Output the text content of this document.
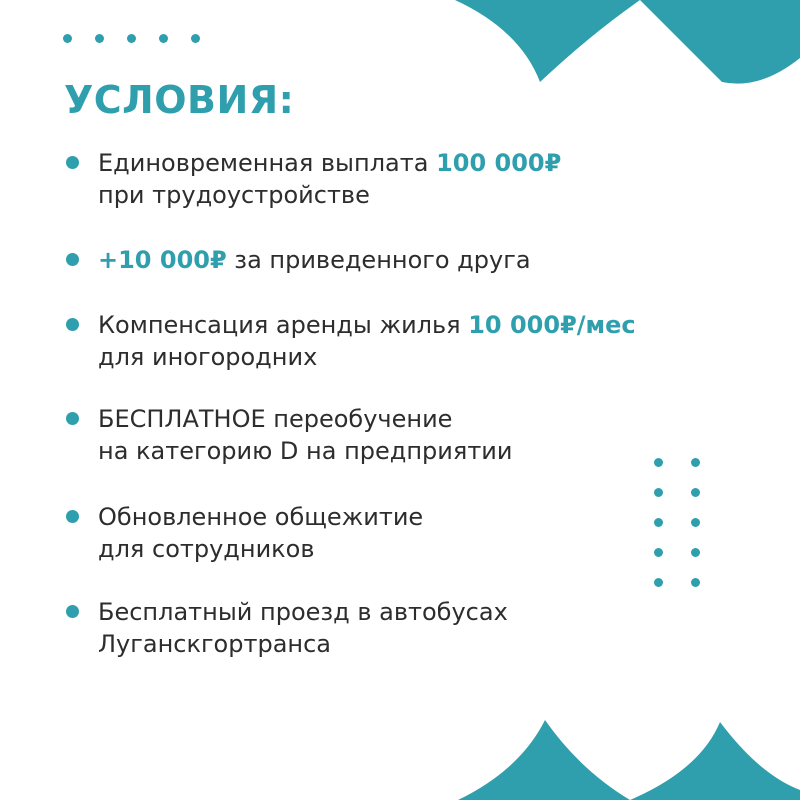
УСЛОВИЯ:
Единовременная выплата 100 000₽
при трудоустройстве
+10 000₽ за приведенного друга
Компенсация аренды жилья 10 000₽/мес
для иногородних
БЕСПЛАТНОЕ переобучение
на категорию D на предприятии
Обновленное общежитие
для сотрудников
Бесплатный проезд в автобусах
Луганскгортранса
